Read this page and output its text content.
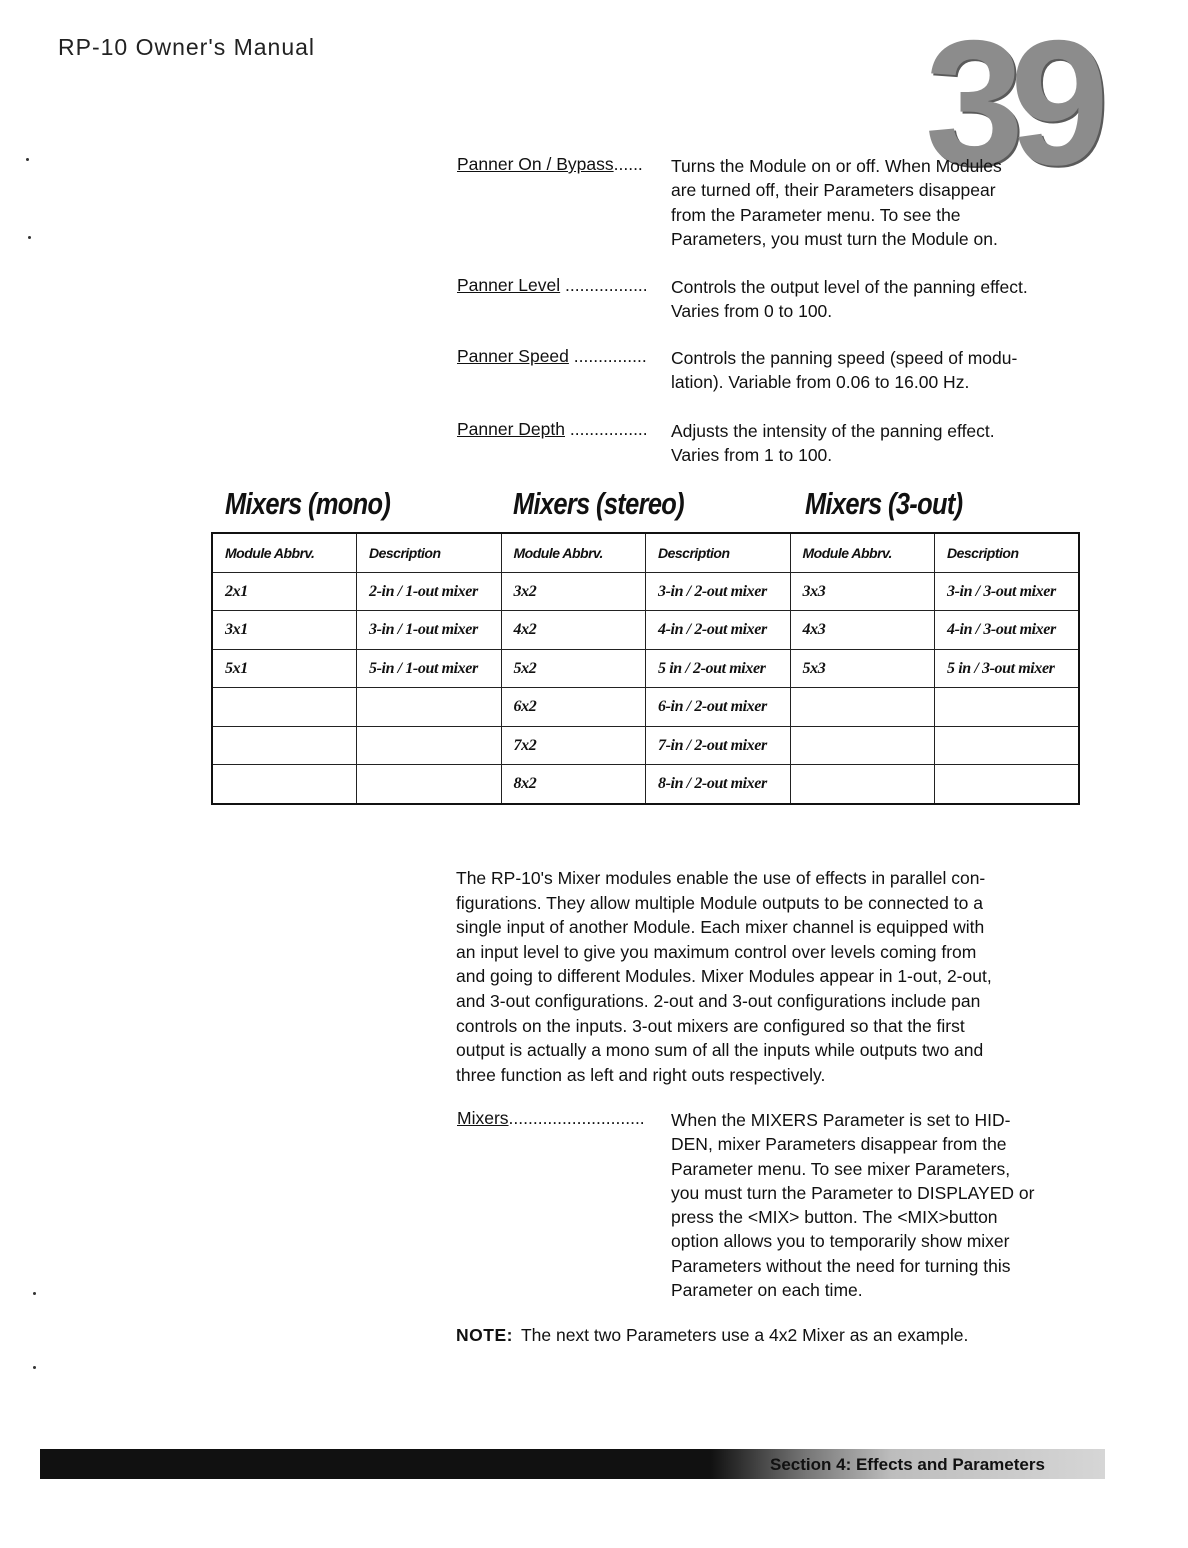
RP-10 Owner's Manual	39
Panner On / Bypass...... Turns the Module on or off. When Modules
are turned off, their Parameters disappear
from the Parameter menu. To see the
Parameters, you must turn the Module on.
Panner Level ................. Controls the output level of the panning effect.
Varies from 0 to 100.
Panner Speed ............... Controls the panning speed (speed of modu-
lation). Variable from 0.06 to 16.00 Hz.
Panner Depth ................ Adjusts the intensity of the panning effect.
Varies from 1 to 100.
Mixers (mono)	Mixers (stereo)	Mixers (3-out)
Module Abbrv.	Description	Module Abbrv.	Description	Module Abbrv.	Description
2x1	2-in / 1-out mixer	3x2	3-in / 2-out mixer	3x3	3-in / 3-out mixer
3x1	3-in / 1-out mixer	4x2	4-in / 2-out mixer	4x3	4-in / 3-out mixer
5x1	5-in / 1-out mixer	5x2	5 in / 2-out mixer	5x3	5 in / 3-out mixer
		6x2	6-in / 2-out mixer		
		7x2	7-in / 2-out mixer		
		8x2	8-in / 2-out mixer		
The RP-10's Mixer modules enable the use of effects in parallel con-
figurations. They allow multiple Module outputs to be connected to a
single input of another Module. Each mixer channel is equipped with
an input level to give you maximum control over levels coming from
and going to different Modules. Mixer Modules appear in 1-out, 2-out,
and 3-out configurations. 2-out and 3-out configurations include pan
controls on the inputs. 3-out mixers are configured so that the first
output is actually a mono sum of all the inputs while outputs two and
three function as left and right outs respectively.
Mixers............................ When the MIXERS Parameter is set to HID-
DEN, mixer Parameters disappear from the
Parameter menu. To see mixer Parameters,
you must turn the Parameter to DISPLAYED or
press the <MIX> button. The <MIX>button
option allows you to temporarily show mixer
Parameters without the need for turning this
Parameter on each time.
NOTE: The next two Parameters use a 4x2 Mixer as an example.
Section 4: Effects and Parameters
